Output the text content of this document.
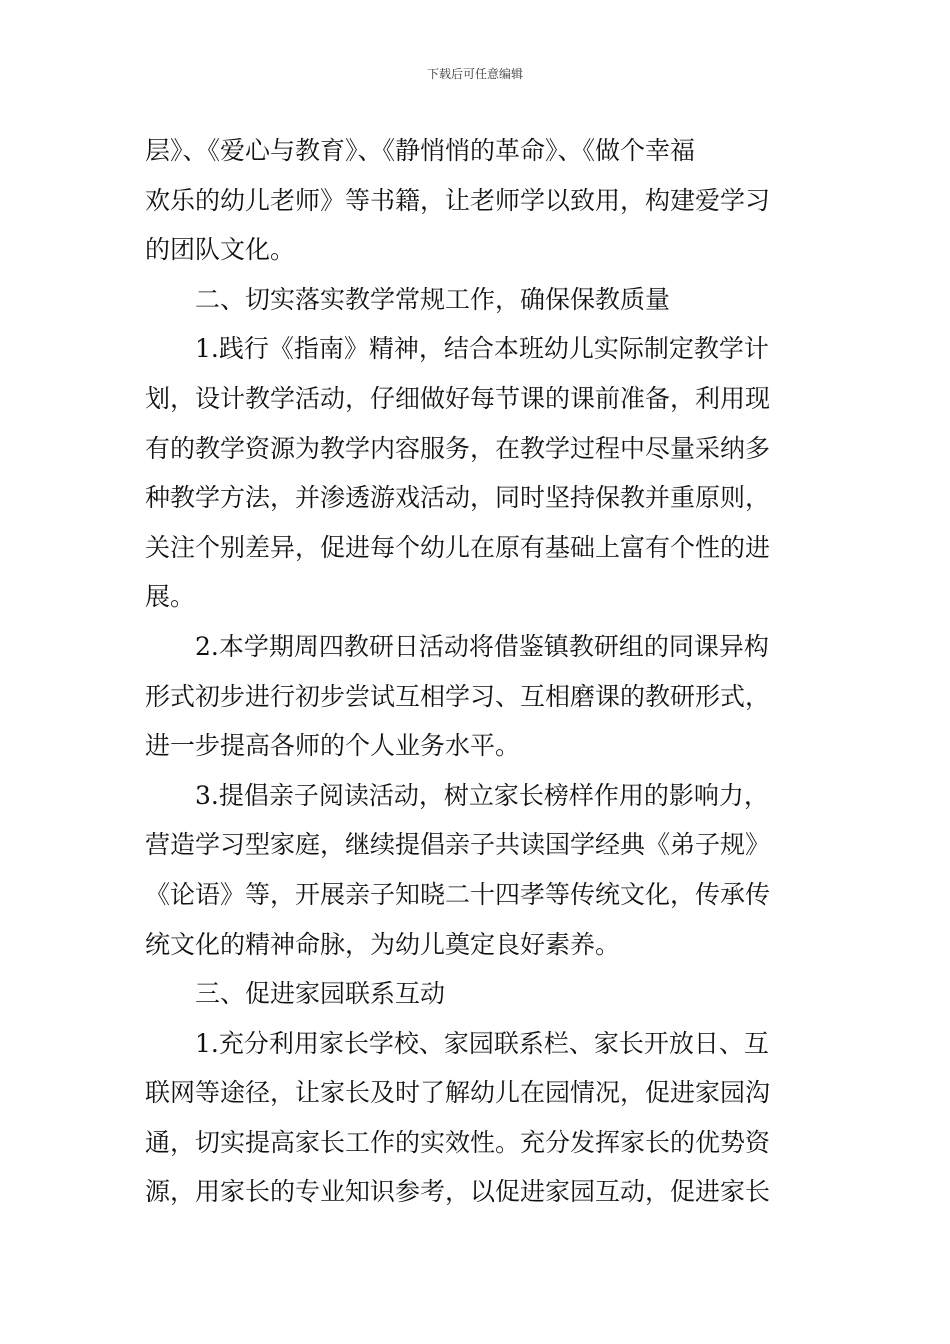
下载后可任意编辑
层》、《爱心与教育》、《静悄悄的革命》、《做个幸福
欢乐的幼儿老师》等书籍，让老师学以致用，构建爱学习
的团队文化。
二、切实落实教学常规工作，确保保教质量
1.践行《指南》精神，结合本班幼儿实际制定教学计
划，设计教学活动，仔细做好每节课的课前准备，利用现
有的教学资源为教学内容服务，在教学过程中尽量采纳多
种教学方法，并渗透游戏活动，同时坚持保教并重原则，
关注个别差异，促进每个幼儿在原有基础上富有个性的进
展。
2.本学期周四教研日活动将借鉴镇教研组的同课异构
形式初步进行初步尝试互相学习、互相磨课的教研形式，
进一步提高各师的个人业务水平。
3.提倡亲子阅读活动，树立家长榜样作用的影响力，
营造学习型家庭，继续提倡亲子共读国学经典《弟子规》
《论语》等，开展亲子知晓二十四孝等传统文化，传承传
统文化的精神命脉，为幼儿奠定良好素养。
三、促进家园联系互动
1.充分利用家长学校、家园联系栏、家长开放日、互
联网等途径，让家长及时了解幼儿在园情况，促进家园沟
通，切实提高家长工作的实效性。充分发挥家长的优势资
源，用家长的专业知识参考，以促进家园互动，促进家长
